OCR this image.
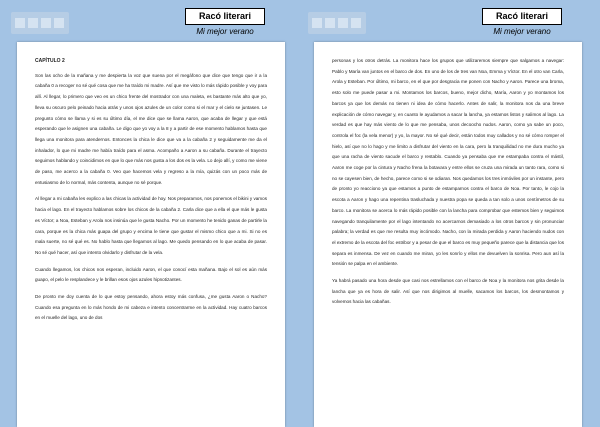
Racó literari
Mi mejor verano
Racó literari
Mi mejor verano
CAPÍTULO 2

Son las ocho de la mañana y me despierta la voz que suena por el megáfono que dice que tengo que ir a la cabaña 0 a recoger no sé qué cosa que me ha traído mi madre. Así que me visto lo más rápido posible y voy para allí. Al llegar, lo primero que veo es un chico frente del mostrador con una maleta, es bastante más alto que yo, lleva su oscuro pelo peinado hacia atrás y unos ojos azules de un color como si el mar y el cielo se juntasen. Le pregunto cómo se llama y si es su último día, el me dice que se llama Aaron, que acaba de llegar y que está esperando que le asignen una cabaña. Le digo que yo voy a la 8 y a partir de ese momento hablamos hasta que llega una monitora para atendernos. Entonces la chica le dice que va a la cabaña 2 y seguidamente me da el inhalador, lo que mi madre me había traído para el asma. Acompaño a Aaron a su cabaña. Durante el trayecto seguimos hablando y coincidimos en que lo que más nos gusta a los dos es la vela. Lo dejo allí, y como me viene de paso, me acerco a la cabaña 0. Veo que hacemos vela y regreso a la mía, quizás con un poco más de entusiasmo de lo normal, más contenta, aunque no sé porque.

Al llegar a mi cabaña les explico a las chicas la actividad de hoy. Nos preparamos, nos ponemos el bikini y vamos hacia el lago. En el trayecto hablamos sobre los chicos de la cabaña 2. Carla dice que a ella el que más le gusta es Víctor; a Noa, Esteban y Arola nos insinúa que le gusta Nacho. Por un momento he tenido ganas de partirle la cara, porque es la chica más guapa del grupo y encima le tiene que gustar el mismo chico que a mi. Si no es mala suerte, no sé qué es. No hablo hasta que llegamos al lago. Me quedo pensando en lo que acaba de pasar. No sé qué hacer, así que intento olvidarlo y disfrutar de la vela.

Cuando llegamos, los chicos nos esperan, incluido Aaron, el que conocí esta mañana. Bajo el sol es aún más guapo, el pelo le resplandece y le brillan esos ojos azules hipnotizantes.

De pronto me doy cuenta de lo que estoy pensando, ahora estoy más confusa, ¿me gusta Aaron o Nacho? Cuando esa pregunta en lo más hondo de mi cabeza e intento concentrarme en la actividad. Hay cuatro barcos en el muelle del lago, uno de dos

personas y los otros detrás. La monitora hace los grupos que utilizaremos siempre que salgamos a navegar: Pablo y María van juntos en el barco de dos. En uno de los de tres van Noa, Emma y Víctor. En el otro van Carla, Arola y Esteban. Por último, mi barco, en el que por desgracia me ponen con Nacho y Aaron. Parece una broma, esto solo me puede pasar a mi. Montamos los barcos, bueno, mejor dicho, María, Aaron y yo montamos los barcos ya que los demás no tienen ni idea de cómo hacerlo. Antes de salir, la monitora nos da una breve explicación de cómo navegar y, en cuanto le ayudamos a sacar la lancha, ya estamos listos y salimos al lago. La verdad es que hay más viento de lo que me pensaba, unos decoocho nudos. Aaron, como ya sabe un poco, controla el foc (la vela menor) y yo, la mayor. No sé qué decir, están todos muy callados y no sé cómo romper el hielo, así que no lo hago y me limito a disfrutar del viento en la cara, pero la tranquilidad no me dura mucho ya que una racha de viento sacude el barco y restablo. Cuando ya pensaba que me estampaba contra el mástil, Aaron me coge por la cintura y Nacho frena la botavara y entre ellos se cruza una mirada un tanto rara, como si no se cayesen bien, de hecho, parece como si se odiaran. Nos quedamos los tres inmóviles por un instante, pero de pronto yo reacciono ya que estamos a punto de estamparnos contra el barco de Noa. Por tanto, le cojo la escota a Aaron y hago una repentina trasluchada y nuestra popa se queda a tan solo a unos centímetros de su barco. La monitora se acerca lo más rápido posible con la lancha para comprobar que estemos bien y seguimos navegando tranquilamente por el lago intentando no acercarnos demasiado a los otros barcos y sin pronunciar palabra; la verdad es que me resulta muy incómodo. Nacho, con la mirada perdida y Aaron haciendo nudos con el extremo de la escota del foc estribor y a pesar de que el barco es muy pequeño parece que la distancia que los separa es inmensa. De vez en cuando me miran, yo les sonrío y ellos me devuelven la sonrisa. Pero aun así la tensión se palpa en el ambiente.

Ya habrá pasado una hora desde que casi nos estrellamos con el barco de Noa y la monitora nos grita desde la lancha que ya es hora de salir. Así que nos dirigimos al muelle, sacamos los barcos, los desmontamos y volvemos hacia las cabañas.
